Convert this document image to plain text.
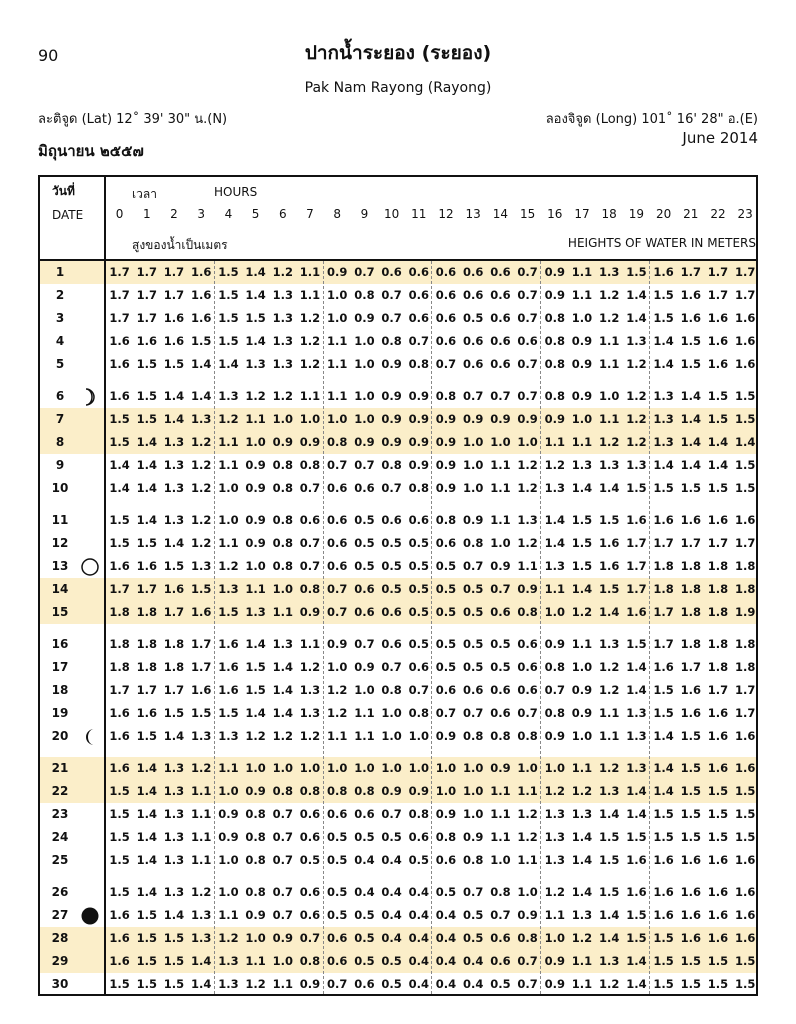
90	ปากน้ำระยอง (ระยอง)
Pak Nam Rayong (Rayong)
ละติจูด (Lat) 12˚ 39' 30" น.(N)	ลองจิจูด (Long) 101˚ 16' 28" อ.(E)
June 2014
มิถุนายน ๒๕๕๗
วันที่
DATE
เวลา	HOURS
0	1	2	3	4	5	6	7	8	9	10 11 12 13 14 15 16 17 18 19 20 21 22 23
สูงของน้ำเป็นเมตร	HEIGHTS OF WATER IN METERS
1	1.7 1.7 1.7 1.6 1.5 1.4 1.2 1.1 0.9 0.7 0.6 0.6 0.6 0.6 0.6 0.7 0.9 1.1 1.3 1.5 1.6 1.7 1.7 1.7
2	1.7 1.7 1.7 1.6 1.5 1.4 1.3 1.1 1.0 0.8 0.7 0.6 0.6 0.6 0.6 0.7 0.9 1.1 1.2 1.4 1.5 1.6 1.7 1.7
3	1.7 1.7 1.6 1.6 1.5 1.5 1.3 1.2 1.0 0.9 0.7 0.6 0.6 0.5 0.6 0.7 0.8 1.0 1.2 1.4 1.5 1.6 1.6 1.6
4	1.6 1.6 1.6 1.5 1.5 1.4 1.3 1.2 1.1 1.0 0.8 0.7 0.6 0.6 0.6 0.6 0.8 0.9 1.1 1.3 1.4 1.5 1.6 1.6
5	1.6 1.5 1.5 1.4 1.4 1.3 1.3 1.2 1.1 1.0 0.9 0.8 0.7 0.6 0.6 0.7 0.8 0.9 1.1 1.2 1.4 1.5 1.6 1.6
6	1.6 1.5 1.4 1.4 1.3 1.2 1.2 1.1 1.1 1.0 0.9 0.9 0.8 0.7 0.7 0.7 0.8 0.9 1.0 1.2 1.3 1.4 1.5 1.5
7	1.5 1.5 1.4 1.3 1.2 1.1 1.0 1.0 1.0 1.0 0.9 0.9 0.9 0.9 0.9 0.9 0.9 1.0 1.1 1.2 1.3 1.4 1.5 1.5
8	1.5 1.4 1.3 1.2 1.1 1.0 0.9 0.9 0.8 0.9 0.9 0.9 0.9 1.0 1.0 1.0 1.1 1.1 1.2 1.2 1.3 1.4 1.4 1.4
9	1.4 1.4 1.3 1.2 1.1 0.9 0.8 0.8 0.7 0.7 0.8 0.9 0.9 1.0 1.1 1.2 1.2 1.3 1.3 1.3 1.4 1.4 1.4 1.5
10	1.4 1.4 1.3 1.2 1.0 0.9 0.8 0.7 0.6 0.6 0.7 0.8 0.9 1.0 1.1 1.2 1.3 1.4 1.4 1.5 1.5 1.5 1.5 1.5
11	1.5 1.4 1.3 1.2 1.0 0.9 0.8 0.6 0.6 0.5 0.6 0.6 0.8 0.9 1.1 1.3 1.4 1.5 1.5 1.6 1.6 1.6 1.6 1.6
12	1.5 1.5 1.4 1.2 1.1 0.9 0.8 0.7 0.6 0.5 0.5 0.5 0.6 0.8 1.0 1.2 1.4 1.5 1.6 1.7 1.7 1.7 1.7 1.7
13	1.6 1.6 1.5 1.3 1.2 1.0 0.8 0.7 0.6 0.5 0.5 0.5 0.5 0.7 0.9 1.1 1.3 1.5 1.6 1.7 1.8 1.8 1.8 1.8
14	1.7 1.7 1.6 1.5 1.3 1.1 1.0 0.8 0.7 0.6 0.5 0.5 0.5 0.5 0.7 0.9 1.1 1.4 1.5 1.7 1.8 1.8 1.8 1.8
15	1.8 1.8 1.7 1.6 1.5 1.3 1.1 0.9 0.7 0.6 0.6 0.5 0.5 0.5 0.6 0.8 1.0 1.2 1.4 1.6 1.7 1.8 1.8 1.9
16	1.8 1.8 1.8 1.7 1.6 1.4 1.3 1.1 0.9 0.7 0.6 0.5 0.5 0.5 0.5 0.6 0.9 1.1 1.3 1.5 1.7 1.8 1.8 1.8
17	1.8 1.8 1.8 1.7 1.6 1.5 1.4 1.2 1.0 0.9 0.7 0.6 0.5 0.5 0.5 0.6 0.8 1.0 1.2 1.4 1.6 1.7 1.8 1.8
18	1.7 1.7 1.7 1.6 1.6 1.5 1.4 1.3 1.2 1.0 0.8 0.7 0.6 0.6 0.6 0.6 0.7 0.9 1.2 1.4 1.5 1.6 1.7 1.7
19	1.6 1.6 1.5 1.5 1.5 1.4 1.4 1.3 1.2 1.1 1.0 0.8 0.7 0.7 0.6 0.7 0.8 0.9 1.1 1.3 1.5 1.6 1.6 1.7
20	1.6 1.5 1.4 1.3 1.3 1.2 1.2 1.2 1.1 1.1 1.0 1.0 0.9 0.8 0.8 0.8 0.9 1.0 1.1 1.3 1.4 1.5 1.6 1.6
21	1.6 1.4 1.3 1.2 1.1 1.0 1.0 1.0 1.0 1.0 1.0 1.0 1.0 1.0 0.9 1.0 1.0 1.1 1.2 1.3 1.4 1.5 1.6 1.6
22	1.5 1.4 1.3 1.1 1.0 0.9 0.8 0.8 0.8 0.8 0.9 0.9 1.0 1.0 1.1 1.1 1.2 1.2 1.3 1.4 1.4 1.5 1.5 1.5
23	1.5 1.4 1.3 1.1 0.9 0.8 0.7 0.6 0.6 0.6 0.7 0.8 0.9 1.0 1.1 1.2 1.3 1.3 1.4 1.4 1.5 1.5 1.5 1.5
24	1.5 1.4 1.3 1.1 0.9 0.8 0.7 0.6 0.5 0.5 0.5 0.6 0.8 0.9 1.1 1.2 1.3 1.4 1.5 1.5 1.5 1.5 1.5 1.5
25	1.5 1.4 1.3 1.1 1.0 0.8 0.7 0.5 0.5 0.4 0.4 0.5 0.6 0.8 1.0 1.1 1.3 1.4 1.5 1.6 1.6 1.6 1.6 1.6
26	1.5 1.4 1.3 1.2 1.0 0.8 0.7 0.6 0.5 0.4 0.4 0.4 0.5 0.7 0.8 1.0 1.2 1.4 1.5 1.6 1.6 1.6 1.6 1.6
27	1.6 1.5 1.4 1.3 1.1 0.9 0.7 0.6 0.5 0.5 0.4 0.4 0.4 0.5 0.7 0.9 1.1 1.3 1.4 1.5 1.6 1.6 1.6 1.6
28	1.6 1.5 1.5 1.3 1.2 1.0 0.9 0.7 0.6 0.5 0.4 0.4 0.4 0.5 0.6 0.8 1.0 1.2 1.4 1.5 1.5 1.6 1.6 1.6
29	1.6 1.5 1.5 1.4 1.3 1.1 1.0 0.8 0.6 0.5 0.5 0.4 0.4 0.4 0.6 0.7 0.9 1.1 1.3 1.4 1.5 1.5 1.5 1.5
30	1.5 1.5 1.5 1.4 1.3 1.2 1.1 0.9 0.7 0.6 0.5 0.4 0.4 0.4 0.5 0.7 0.9 1.1 1.2 1.4 1.5 1.5 1.5 1.5
